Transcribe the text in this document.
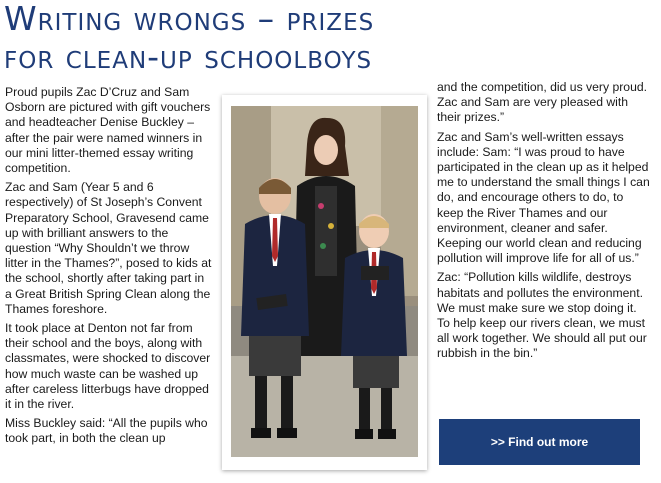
Writing wrongs – prizes
for clean-up schoolboys

Proud pupils Zac D’Cruz and Sam Osborn are pictured with gift vouchers and headteacher Denise Buckley – after the pair were named winners in our mini litter-themed essay writing competition.

Zac and Sam (Year 5 and 6 respectively) of St Joseph’s Convent Preparatory School, Gravesend came up with brilliant answers to the question “Why Shouldn’t we throw litter in the Thames?”, posed to kids at the school, shortly after taking part in a Great British Spring Clean along the Thames foreshore.

It took place at Denton not far from their school and the boys, along with classmates, were shocked to discover how much waste can be washed up after careless litterbugs have dropped it in the river.

Miss Buckley said: “All the pupils who took part, in both the clean up

and the competition, did us very proud. Zac and Sam are very pleased with their prizes.”

Zac and Sam’s well-written essays include: Sam: “I was proud to have participated in the clean up as it helped me to understand the small things I can do, and encourage others to do, to keep the River Thames and our environment, cleaner and safer. Keeping our world clean and reducing pollution will improve life for all of us.”

Zac: “Pollution kills wildlife, destroys habitats and pollutes the environment. We must make sure we stop doing it. To help keep our rivers clean, we must all work together. We should all put our rubbish in the bin.”

>> Find out more
